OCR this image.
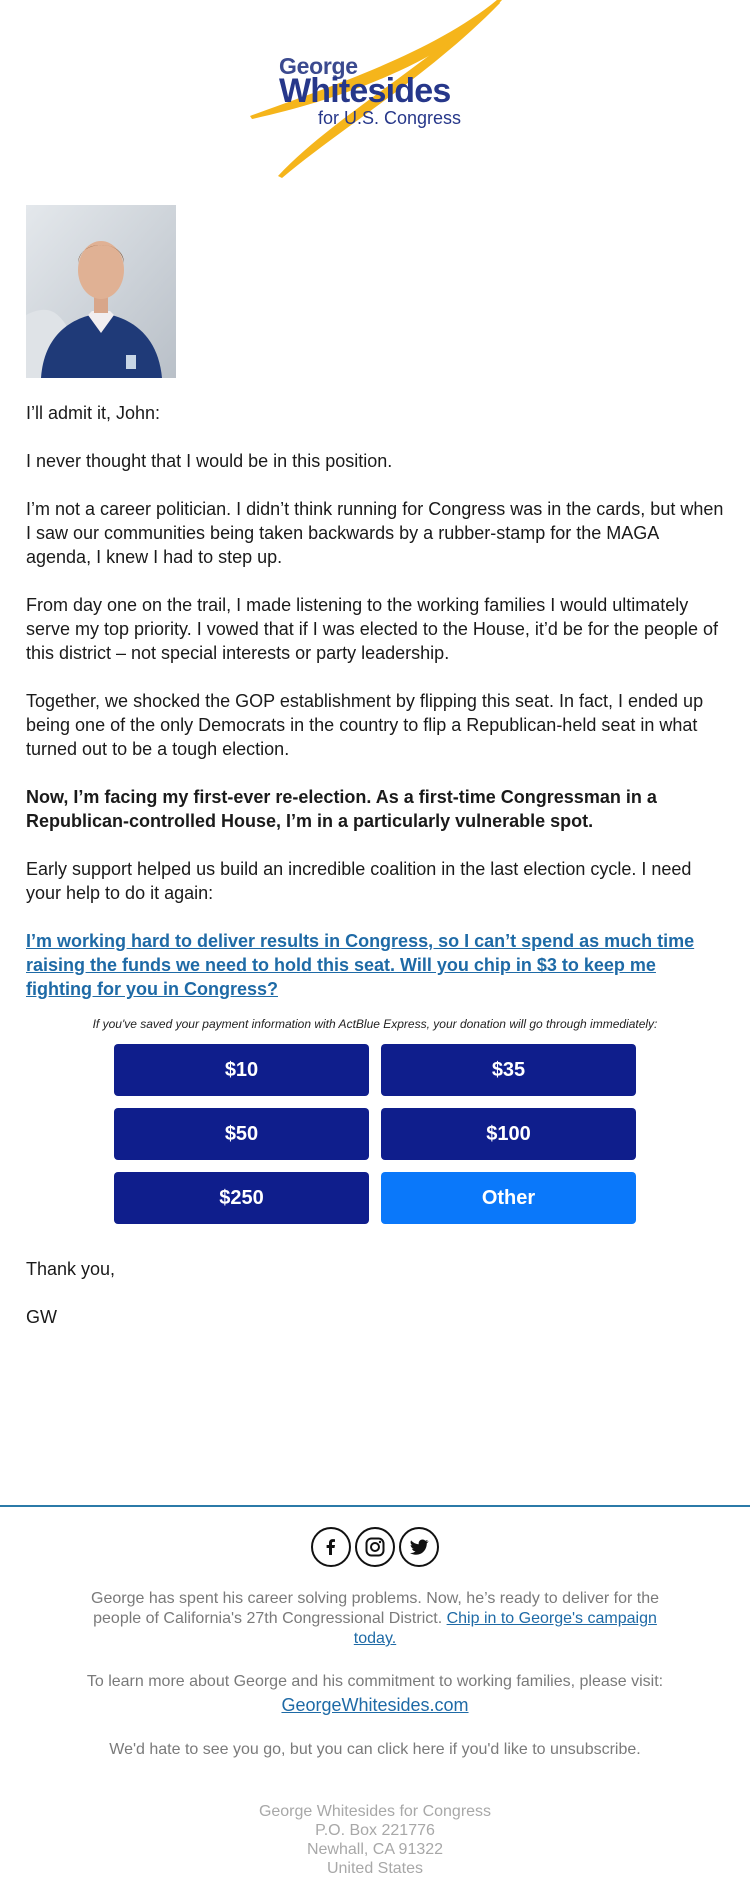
George
Whitesides
for U.S. Congress

I’ll admit it, John:

I never thought that I would be in this position.

I’m not a career politician. I didn’t think running for Congress was in the cards, but when I saw our communities being taken backwards by a rubber-stamp for the MAGA agenda, I knew I had to step up.

From day one on the trail, I made listening to the working families I would ultimately serve my top priority. I vowed that if I was elected to the House, it’d be for the people of this district – not special interests or party leadership.

Together, we shocked the GOP establishment by flipping this seat. In fact, I ended up being one of the only Democrats in the country to flip a Republican-held seat in what turned out to be a tough election.

Now, I’m facing my first-ever re-election. As a first-time Congressman in a Republican-controlled House, I’m in a particularly vulnerable spot.

Early support helped us build an incredible coalition in the last election cycle. I need your help to do it again:

I’m working hard to deliver results in Congress, so I can’t spend as much time raising the funds we need to hold this seat. Will you chip in $3 to keep me fighting for you in Congress?

If you've saved your payment information with ActBlue Express, your donation will go through immediately:
$10	$35
$50	$100
$250	Other

Thank you,

GW

George has spent his career solving problems. Now, he’s ready to deliver for the people of California's 27th Congressional District. Chip in to George's campaign today.

To learn more about George and his commitment to working families, please visit:
GeorgeWhitesides.com

We'd hate to see you go, but you can click here if you'd like to unsubscribe.

George Whitesides for Congress

P.O. Box 221776

Newhall, CA 91322

United States
